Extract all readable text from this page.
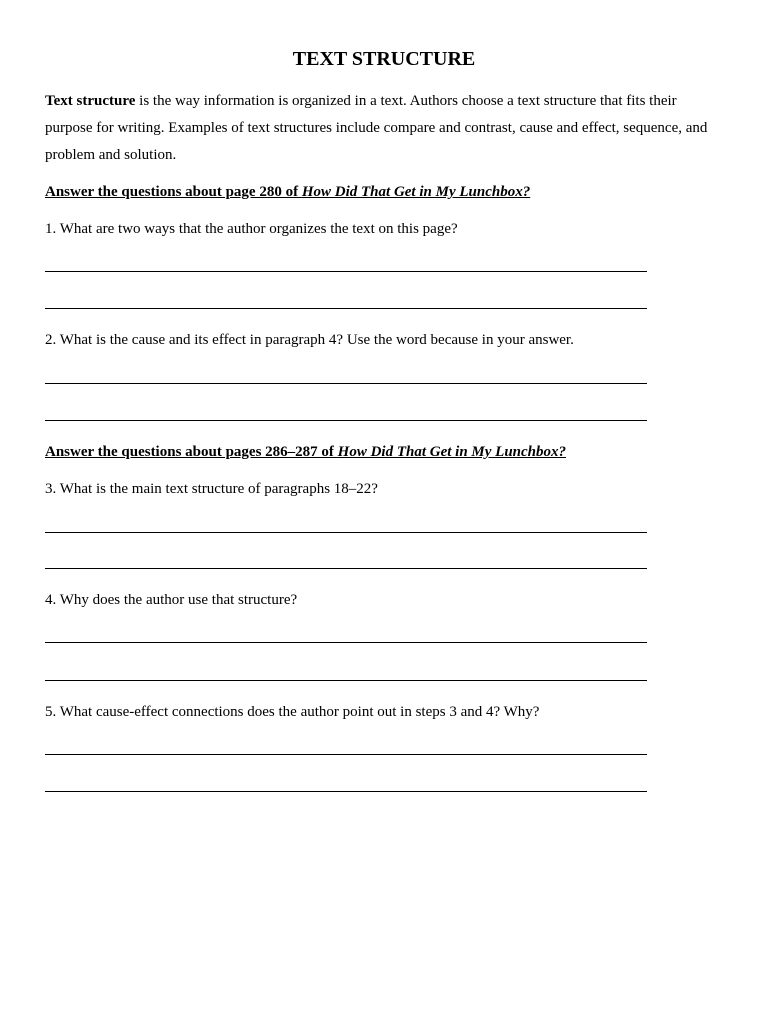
TEXT STRUCTURE

Text structure is the way information is organized in a text. Authors choose a text structure that fits their purpose for writing. Examples of text structures include compare and contrast, cause and effect, sequence, and problem and solution.

Answer the questions about page 280 of How Did That Get in My Lunchbox?

1. What are two ways that the author organizes the text on this page?

2. What is the cause and its effect in paragraph 4? Use the word because in your answer.

Answer the questions about pages 286–287 of How Did That Get in My Lunchbox?

3. What is the main text structure of paragraphs 18–22?

4. Why does the author use that structure?

5. What cause-effect connections does the author point out in steps 3 and 4? Why?
